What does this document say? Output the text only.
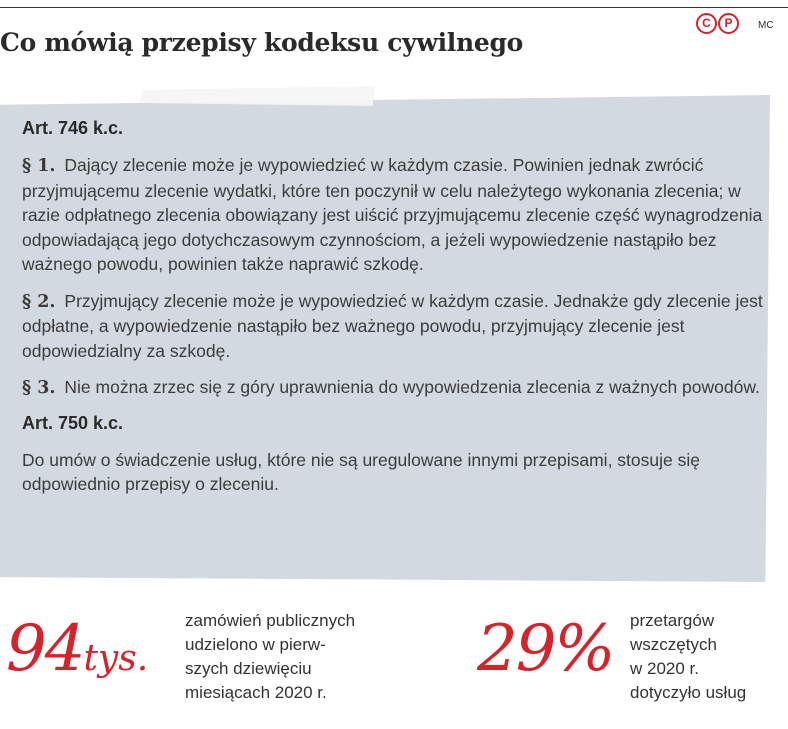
Co mówią przepisy kodeksu cywilnego
C	P	MC
Art. 746 k.c.

§ 1. Dający zlecenie może je wypowiedzieć w każdym czasie. Powinien jednak zwrócić przyjmującemu zlecenie wydatki, które ten poczynił w celu należytego wykonania zlecenia; w razie odpłatnego zlecenia obowiązany jest uiścić przyjmującemu zlecenie część wynagrodzenia odpowiadającą jego dotychczasowym czynnościom, a jeżeli wypowiedzenie nastąpiło bez ważnego powodu, powinien także naprawić szkodę.

§ 2. Przyjmujący zlecenie może je wypowiedzieć w każdym czasie. Jednakże gdy zlecenie jest odpłatne, a wypowiedzenie nastąpiło bez ważnego powodu, przyjmujący zlecenie jest odpowiedzialny za szkodę.

§ 3. Nie można zrzec się z góry uprawnienia do wypowiedzenia zlecenia z ważnych powodów.

Art. 750 k.c.

Do umów o świadczenie usług, które nie są uregulowane innymi przepisami, stosuje się odpowiednio przepisy o zleceniu.

94tys.
zamówień publicznych
udzielono w pierw-
szych dziewięciu
miesiącach 2020 r.
29% przetargów
wszczętych
w 2020 r.
dotyczyło usług
